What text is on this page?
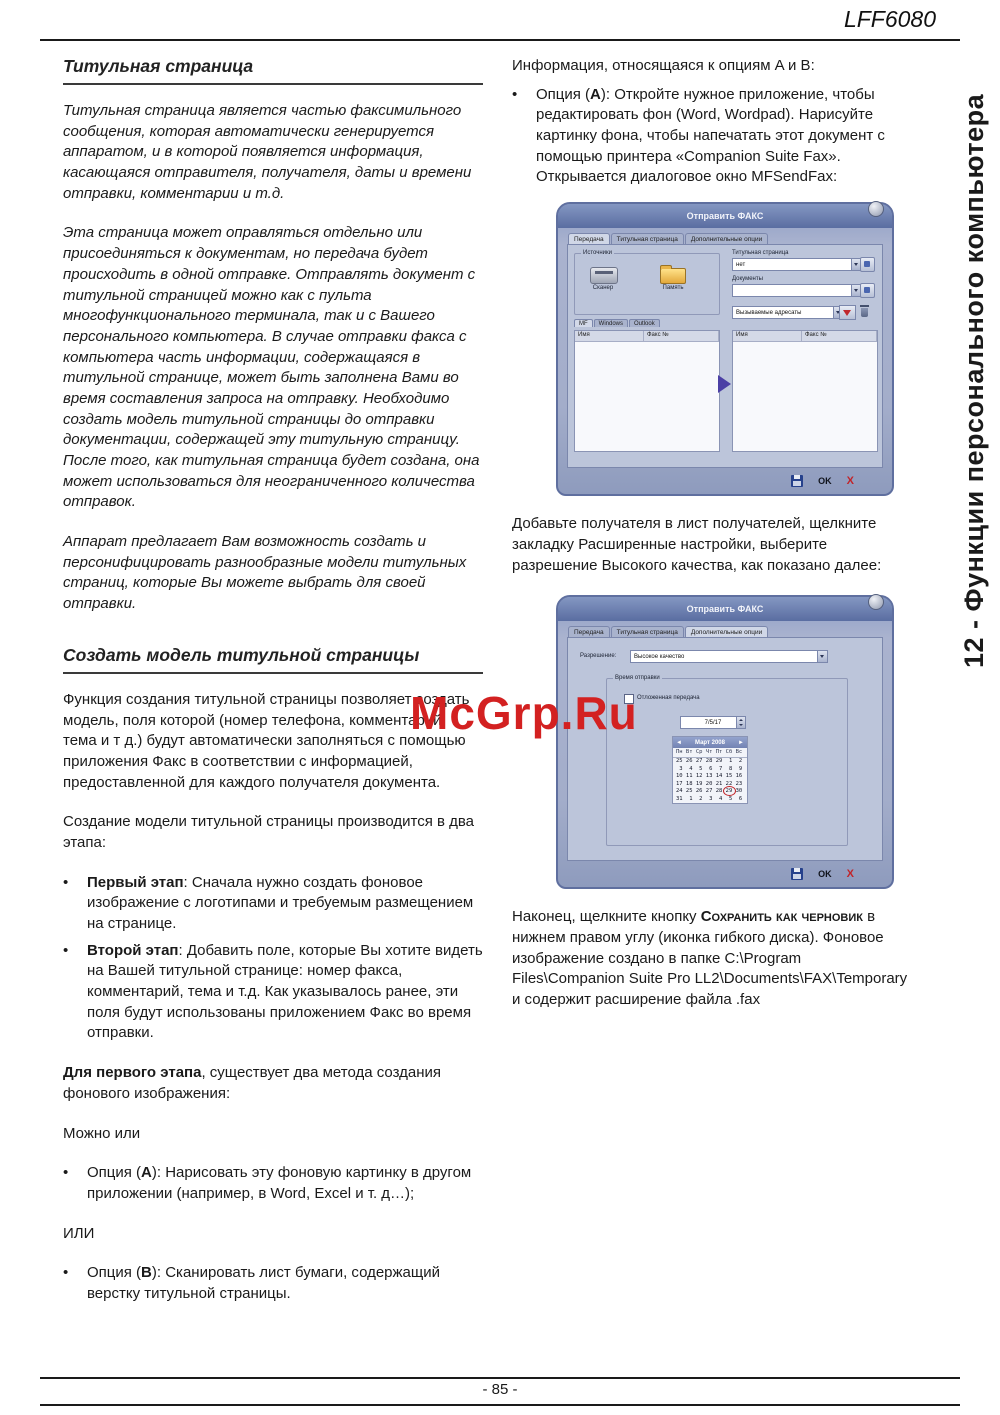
LFF6080
12 - Функции персонального компьютера
McGrp.Ru
Титульная страница

Титульная страница является частью факсимильного сообщения, которая автоматически генерируется аппаратом, и в которой появляется информация, касающаяся отправителя, получателя, даты и времени отправки, комментарии и т.д.

Эта страница может оправляться отдельно или присоединяться к документам, но передача будет происходить в одной отправке. Отправлять документ с титульной страницей можно как с пульта многофункционального терминала, так и с Вашего персонального компьютера. В случае отправки факса с компьютера часть информации, содержащаяся в титульной странице, может быть заполнена Вами во время составления запроса на отправку. Необходимо создать модель титульной страницы до отправки документации, содержащей эту титульную страницу. После того, как титульная страница будет создана, она может использоваться для неограниченного количества отправок.

Аппарат предлагает Вам возможность создать и персонифицировать разнообразные модели титульных страниц, которые Вы можете выбрать для своей отправки.

Создать модель титульной страницы

Функция создания титульной страницы позволяет создать модель, поля которой (номер телефона, комментарий, тема и т д.) будут автоматически заполняться с помощью приложения Факс в соответствии с информацией, предоставленной для каждого получателя документа.

Создание модели титульной страницы производится в два этапа:

•	Первый этап: Сначала нужно создать фоновое изображение с логотипами и требуемым размещением на странице.
•	Второй этап: Добавить поле, которые Вы хотите видеть на Вашей титульной странице: номер факса, комментарий, тема и т.д. Как указывалось ранее, эти поля будут использованы приложением Факс во время отправки.

Для первого этапа, существует два метода создания фонового изображения:

Можно или

•	Опция (A): Нарисовать эту фоновую картинку в другом приложении (например, в Word, Excel и т. д…);

ИЛИ

•	Опция (B): Сканировать лист бумаги, содержащий верстку титульной страницы.

Информация, относящаяся к опциям A и B:

•	Опция (A): Откройте нужное приложение, чтобы редактировать фон (Word, Wordpad). Нарисуйте картинку фона, чтобы напечатать этот документ с помощью принтера «Companion Suite Fax». Открывается диалоговое окно MFSendFax:
Отправить ФАКС
Передача	Титульная страница	Дополнительные опции
Источники
Сканер	Память
MF	Windows	Outlook
Имя	Факс №
Титульная страница
нет
Документы
Вызываемые адресаты
Имя	Факс №
OK X

Добавьте получателя в лист получателей, щелкните закладку Расширенные настройки, выберите разрешение Высокого качества, как показано далее:

Отправить ФАКС
Передача	Титульная страница	Дополнительные опции
Разрешение:	Высокое качество
Время отправки
Отложенная передача
7/5/17
◄ Март 2008 ►
Пн Вт Ср Чт Пт Сб Вс
25 26 27 28 29  1  2
3  4  5  6  7  8  9
10 11 12 13 14 15 16
17 18 19 20 21 22 23
24 25 26 27 28 29 30
31  1  2  3  4  5  6
OK X

Наконец, щелкните кнопку Сохранить как черновик в нижнем правом углу (иконка гибкого диска). Фоновое изображение создано в папке C:\Program Files\Companion Suite Pro LL2\Documents\FAX\Temporary и содержит расширение файла .fax

- 85 -
